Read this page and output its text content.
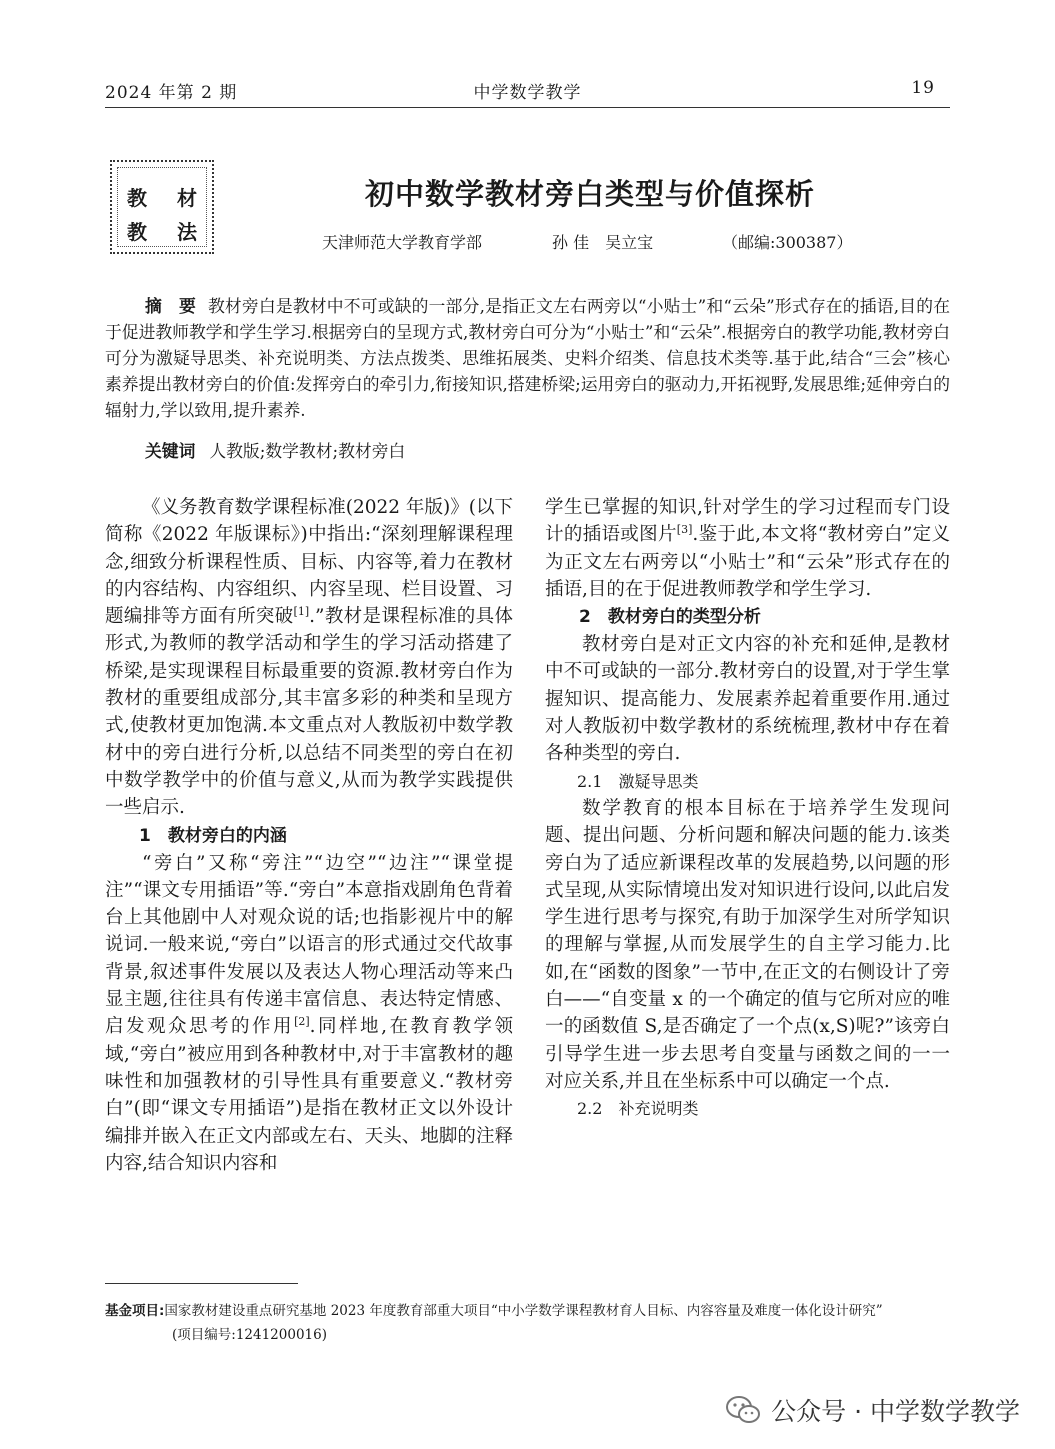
2024 年第 2 期	中学数学教学	19
教 材
教 法
初中数学教材旁白类型与价值探析
天津师范大学教育学部	孙 佳　吴立宝	（邮编:300387）
摘　要 教材旁白是教材中不可或缺的一部分,是指正文左右两旁以“小贴士”和“云朵”形式存在的插语,目的在于促进教师教学和学生学习.根据旁白的呈现方式,教材旁白可分为“小贴士”和“云朵”.根据旁白的教学功能,教材旁白可分为激疑导思类、补充说明类、方法点拨类、思维拓展类、史料介绍类、信息技术类等.基于此,结合“三会”核心素养提出教材旁白的价值:发挥旁白的牵引力,衔接知识,搭建桥梁;运用旁白的驱动力,开拓视野,发展思维;延伸旁白的辐射力,学以致用,提升素养.
关键词 人教版;数学教材;教材旁白

《义务教育数学课程标准(2022 年版)》(以下简称《2022 年版课标》)中指出:“深刻理解课程理念,细致分析课程性质、目标、内容等,着力在教材的内容结构、内容组织、内容呈现、栏目设置、习题编排等方面有所突破[1].”教材是课程标准的具体形式,为教师的教学活动和学生的学习活动搭建了桥梁,是实现课程目标最重要的资源.教材旁白作为教材的重要组成部分,其丰富多彩的种类和呈现方式,使教材更加饱满.本文重点对人教版初中数学教材中的旁白进行分析,以总结不同类型的旁白在初中数学教学中的价值与意义,从而为教学实践提供一些启示.

1　教材旁白的内涵

“旁白”又称“旁注”“边空”“边注”“课堂提注”“课文专用插语”等.“旁白”本意指戏剧角色背着台上其他剧中人对观众说的话;也指影视片中的解说词.一般来说,“旁白”以语言的形式通过交代故事背景,叙述事件发展以及表达人物心理活动等来凸显主题,往往具有传递丰富信息、表达特定情感、启发观众思考的作用[2].同样地,在教育教学领域,“旁白”被应用到各种教材中,对于丰富教材的趣味性和加强教材的引导性具有重要意义.“教材旁白”(即“课文专用插语”)是指在教材正文以外设计编排并嵌入在正文内部或左右、天头、地脚的注释内容,结合知识内容和

学生已掌握的知识,针对学生的学习过程而专门设计的插语或图片[3].鉴于此,本文将“教材旁白”定义为正文左右两旁以“小贴士”和“云朵”形式存在的插语,目的在于促进教师教学和学生学习.

2　教材旁白的类型分析

教材旁白是对正文内容的补充和延伸,是教材中不可或缺的一部分.教材旁白的设置,对于学生掌握知识、提高能力、发展素养起着重要作用.通过对人教版初中数学教材的系统梳理,教材中存在着各种类型的旁白.

2.1　激疑导思类

数学教育的根本目标在于培养学生发现问题、提出问题、分析问题和解决问题的能力.该类旁白为了适应新课程改革的发展趋势,以问题的形式呈现,从实际情境出发对知识进行设问,以此启发学生进行思考与探究,有助于加深学生对所学知识的理解与掌握,从而发展学生的自主学习能力.比如,在“函数的图象”一节中,在正文的右侧设计了旁白——“自变量 x 的一个确定的值与它所对应的唯一的函数值 S,是否确定了一个点(x,S)呢?”该旁白引导学生进一步去思考自变量与函数之间的一一对应关系,并且在坐标系中可以确定一个点.

2.2　补充说明类

基金项目:国家教材建设重点研究基地 2023 年度教育部重大项目“中小学数学课程教材育人目标、内容容量及难度一体化设计研究”
(项目编号:1241200016)
公众号 · 中学数学教学
